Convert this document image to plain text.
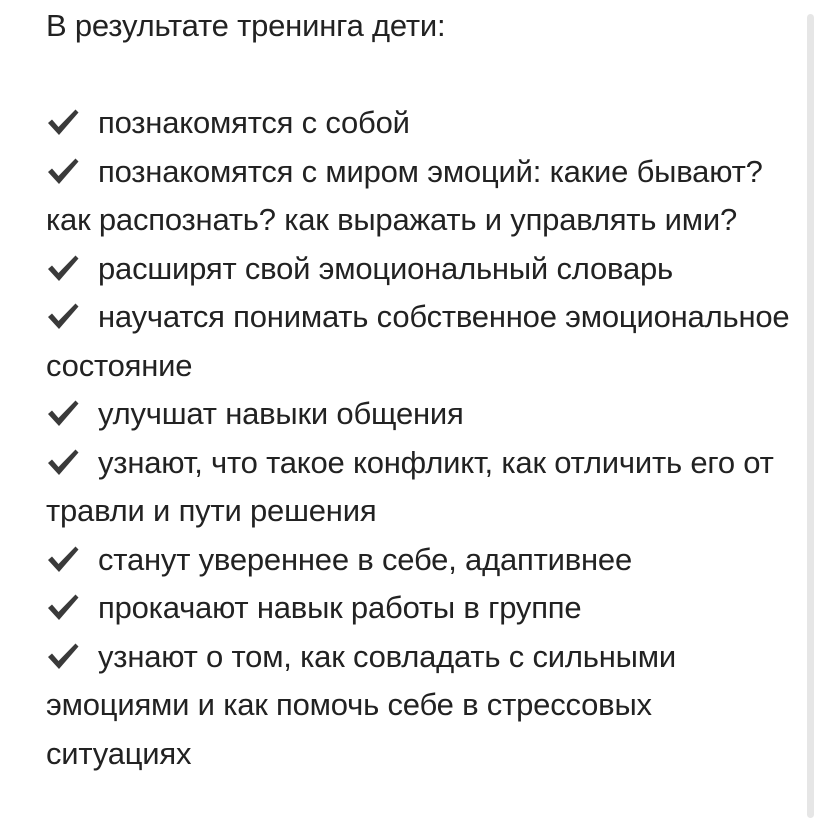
В результате тренинга дети:
познакомятся с собой
познакомятся с миром эмоций: какие бывают? как распознать? как выражать и управлять ими?
расширят свой эмоциональный словарь
научатся понимать собственное эмоциональное состояние
улучшат навыки общения
узнают, что такое конфликт, как отличить его от травли и пути решения
станут увереннее в себе, адаптивнее
прокачают навык работы в группе
узнают о том, как совладать с сильными эмоциями и как помочь себе в стрессовых ситуациях
